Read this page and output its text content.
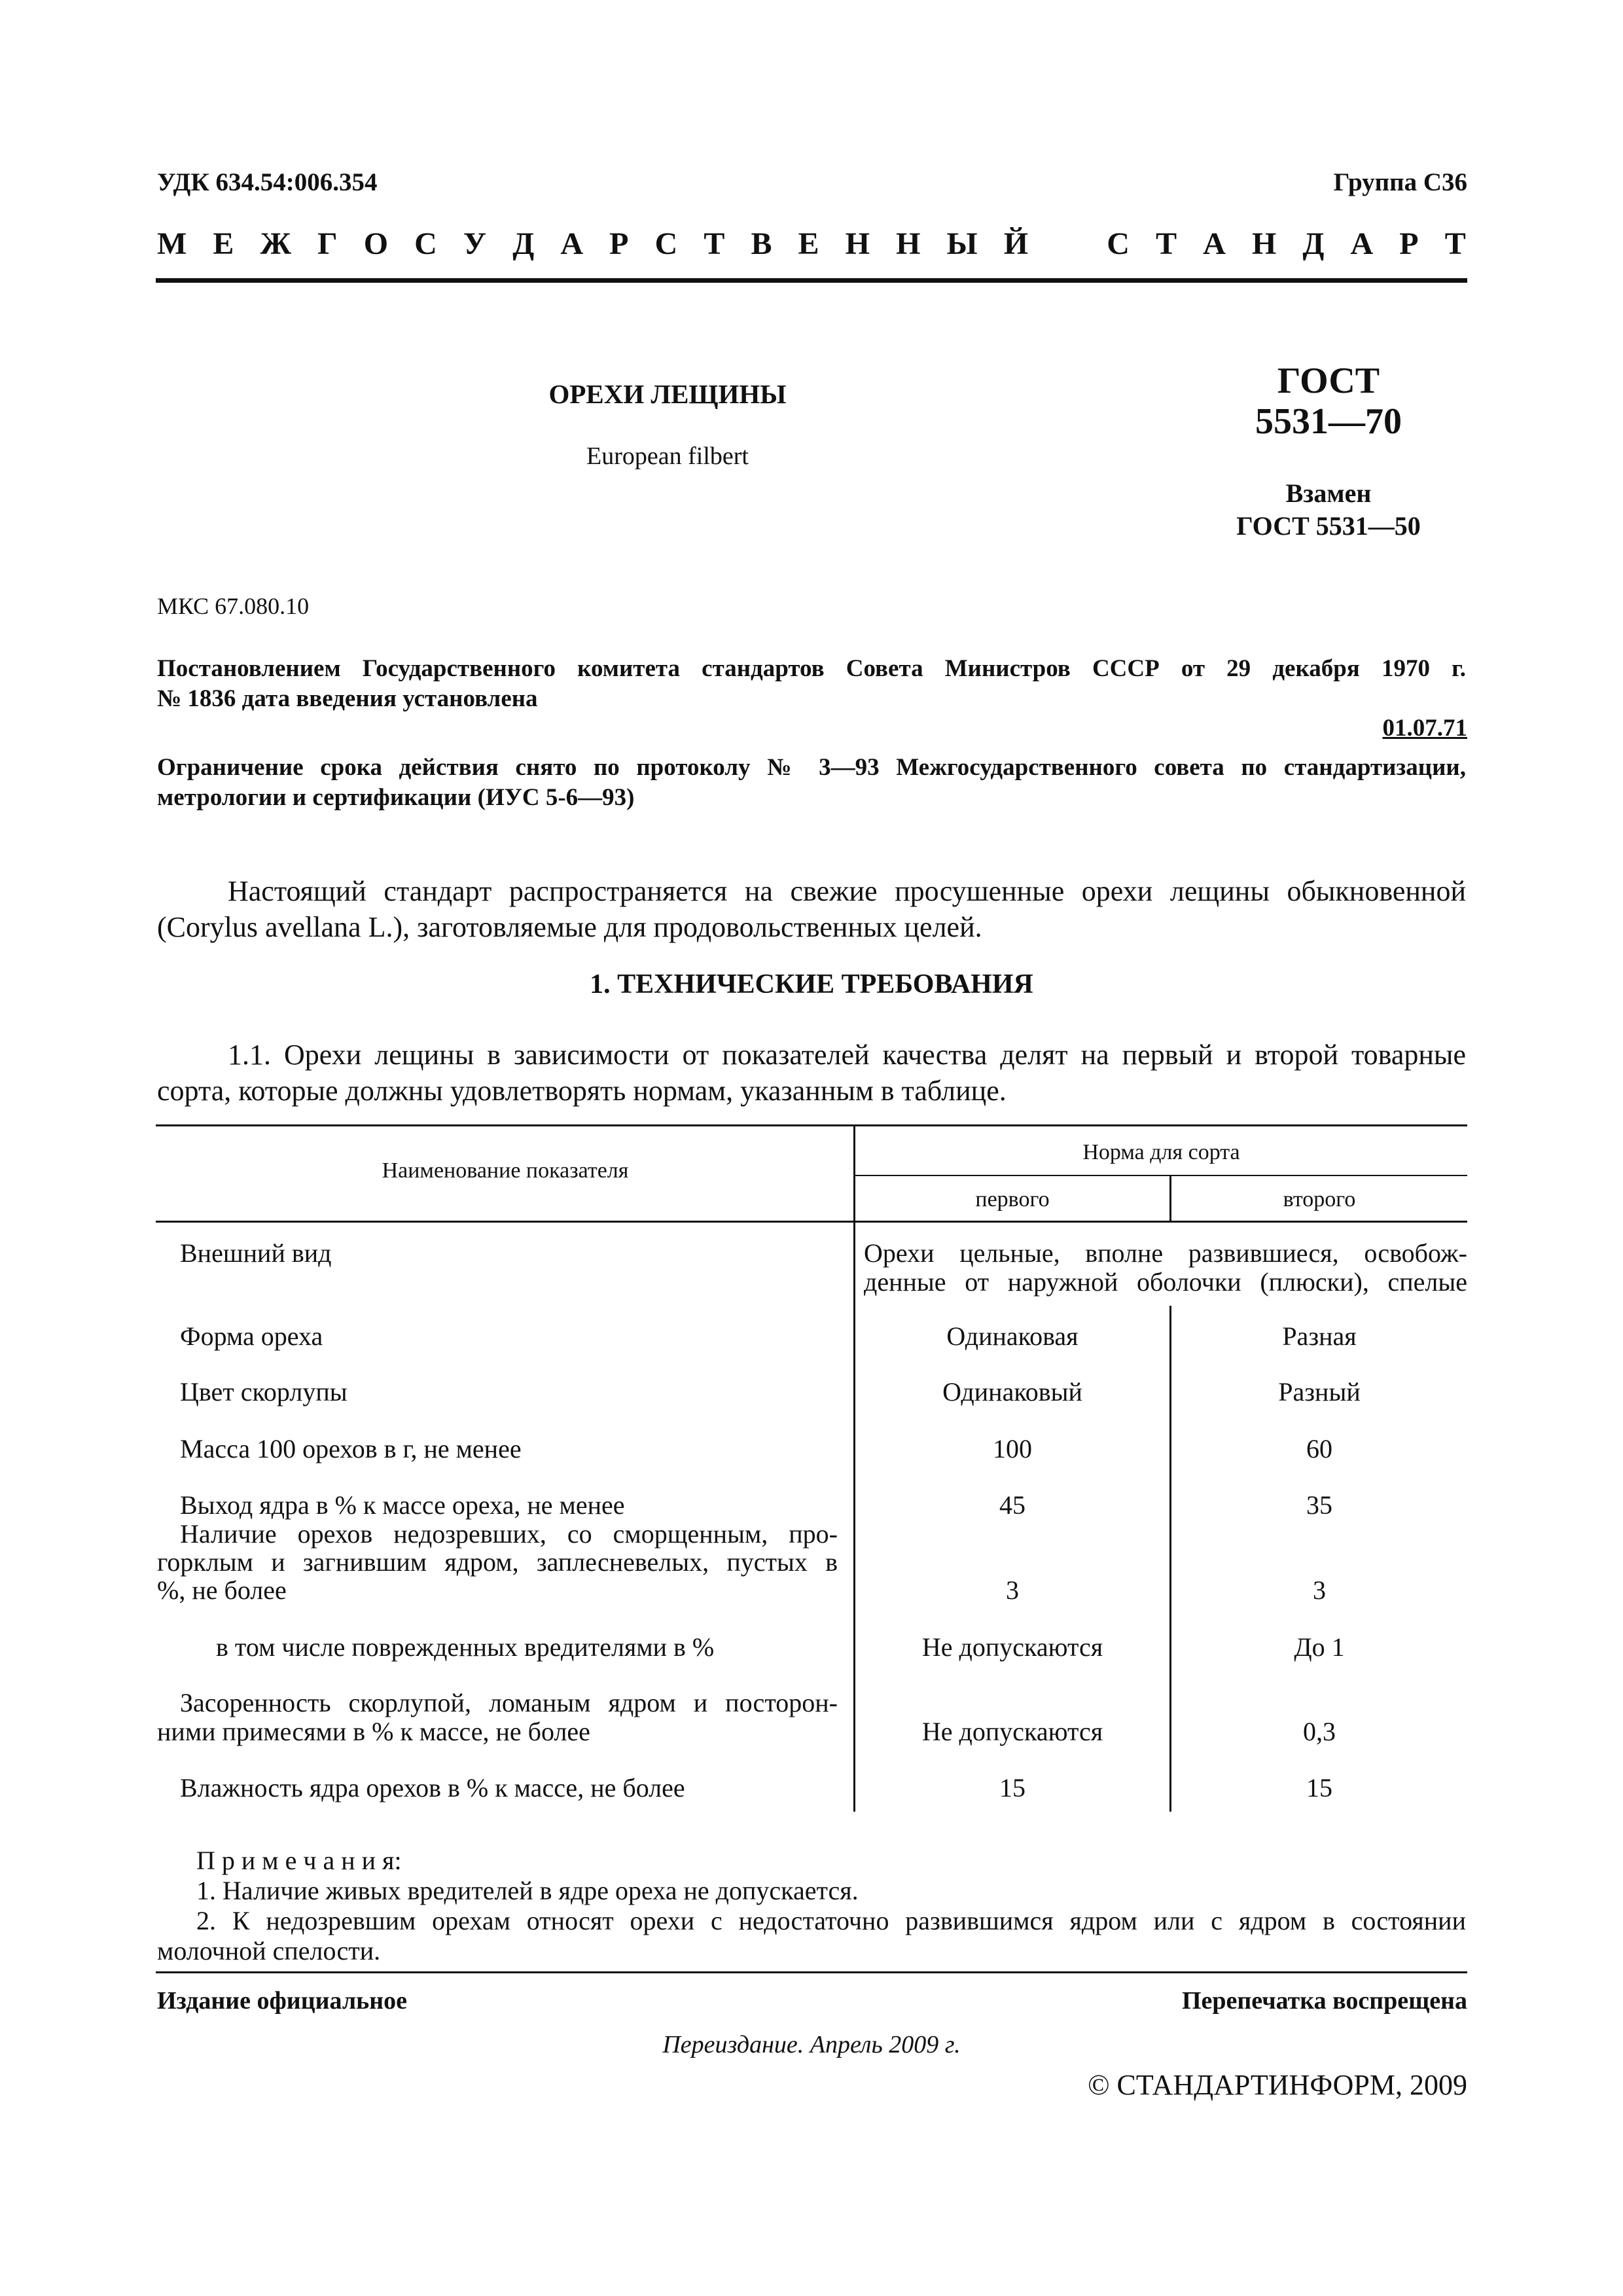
УДК 634.54:006.354	Группа С36
М Е Ж Г О С У Д А Р С Т В Е Н Н Ы Й	С Т А Н Д А Р Т
ОРЕХИ ЛЕЩИНЫ
European filbert
ГОСТ
5531—70
Взамен
ГОСТ 5531—50
МКС 67.080.10
Постановлением Государственного комитета стандартов Совета Министров СССР от 29 декабря 1970 г.
№ 1836 дата введения установлена
01.07.71
Ограничение срока действия снято по протоколу № 3—93 Межгосударственного совета по стандартизации,
метрологии и сертификации (ИУС 5-6—93)
Настоящий стандарт распространяется на свежие просушенные орехи лещины обыкновенной
(Corylus avellana L.), заготовляемые для продовольственных целей.
1. ТЕХНИЧЕСКИЕ ТРЕБОВАНИЯ
1.1. Орехи лещины в зависимости от показателей качества делят на первый и второй товарные
сорта, которые должны удовлетворять нормам, указанным в таблице.
Наименование показателя
Норма для сорта
первого	второго
Внешний вид	Орехи цельные, вполне развившиеся, освобож-
денные от наружной оболочки (плюски), спелые
Форма ореха	Одинаковая	Разная
Цвет скорлупы	Одинаковый	Разный
Масса 100 орехов в г, не менее	100	60
Выход ядра в % к массе ореха, не менее	45	35
Наличие орехов недозревших, со сморщенным, про-
горклым и загнившим ядром, заплесневелых, пустых в
%, не более	3	3
в том числе поврежденных вредителями в %	Не допускаются	До 1
Засоренность скорлупой, ломаным ядром и посторон-
ними примесями в % к массе, не более	Не допускаются	0,3
Влажность ядра орехов в % к массе, не более	15	15
П р и м е ч а н и я:
1. Наличие живых вредителей в ядре ореха не допускается.
2. К недозревшим орехам относят орехи с недостаточно развившимся ядром или с ядром в состоянии
молочной спелости.
Издание официальное	Перепечатка воспрещена
Переиздание. Апрель 2009 г.
© СТАНДАРТИНФОРМ, 2009
